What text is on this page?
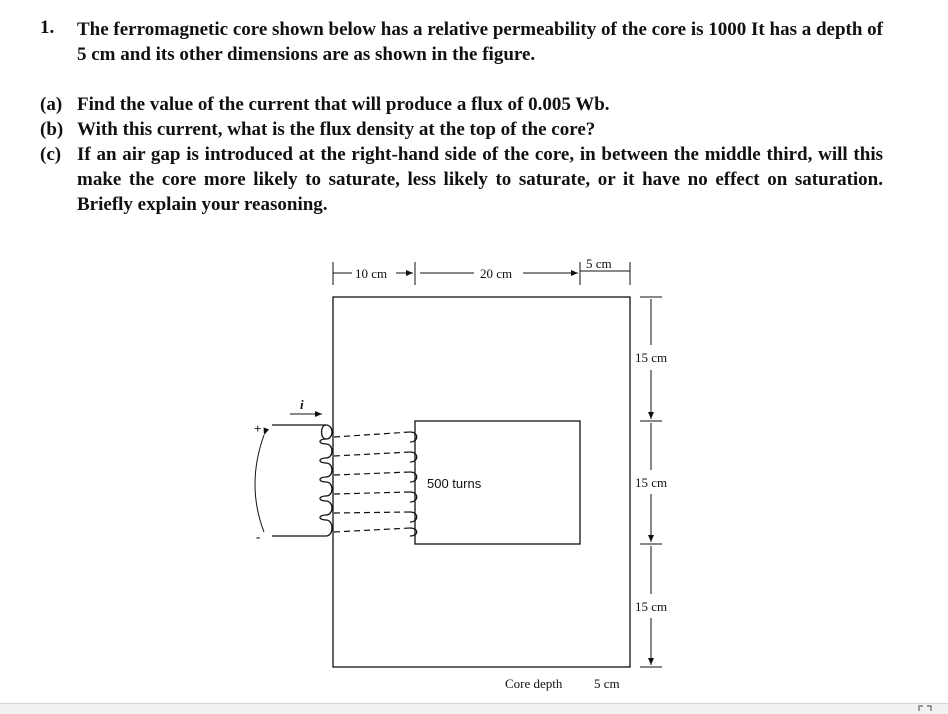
1. The ferromagnetic core shown below has a relative permeability of the core is 1000 It has a depth of 5 cm and its other dimensions are as shown in the figure.
(a) Find the value of the current that will produce a flux of 0.005 Wb.
(b) With this current, what is the flux density at the top of the core?
(c) If an air gap is introduced at the right-hand side of the core, in between the middle third, will this make the core more likely to saturate, less likely to saturate, or it have no effect on saturation. Briefly explain your reasoning.
10 cm	20 cm
5 cm
15 cm
15 cm
15 cm
i
+
-
500 turns
Core depth 5 cm
